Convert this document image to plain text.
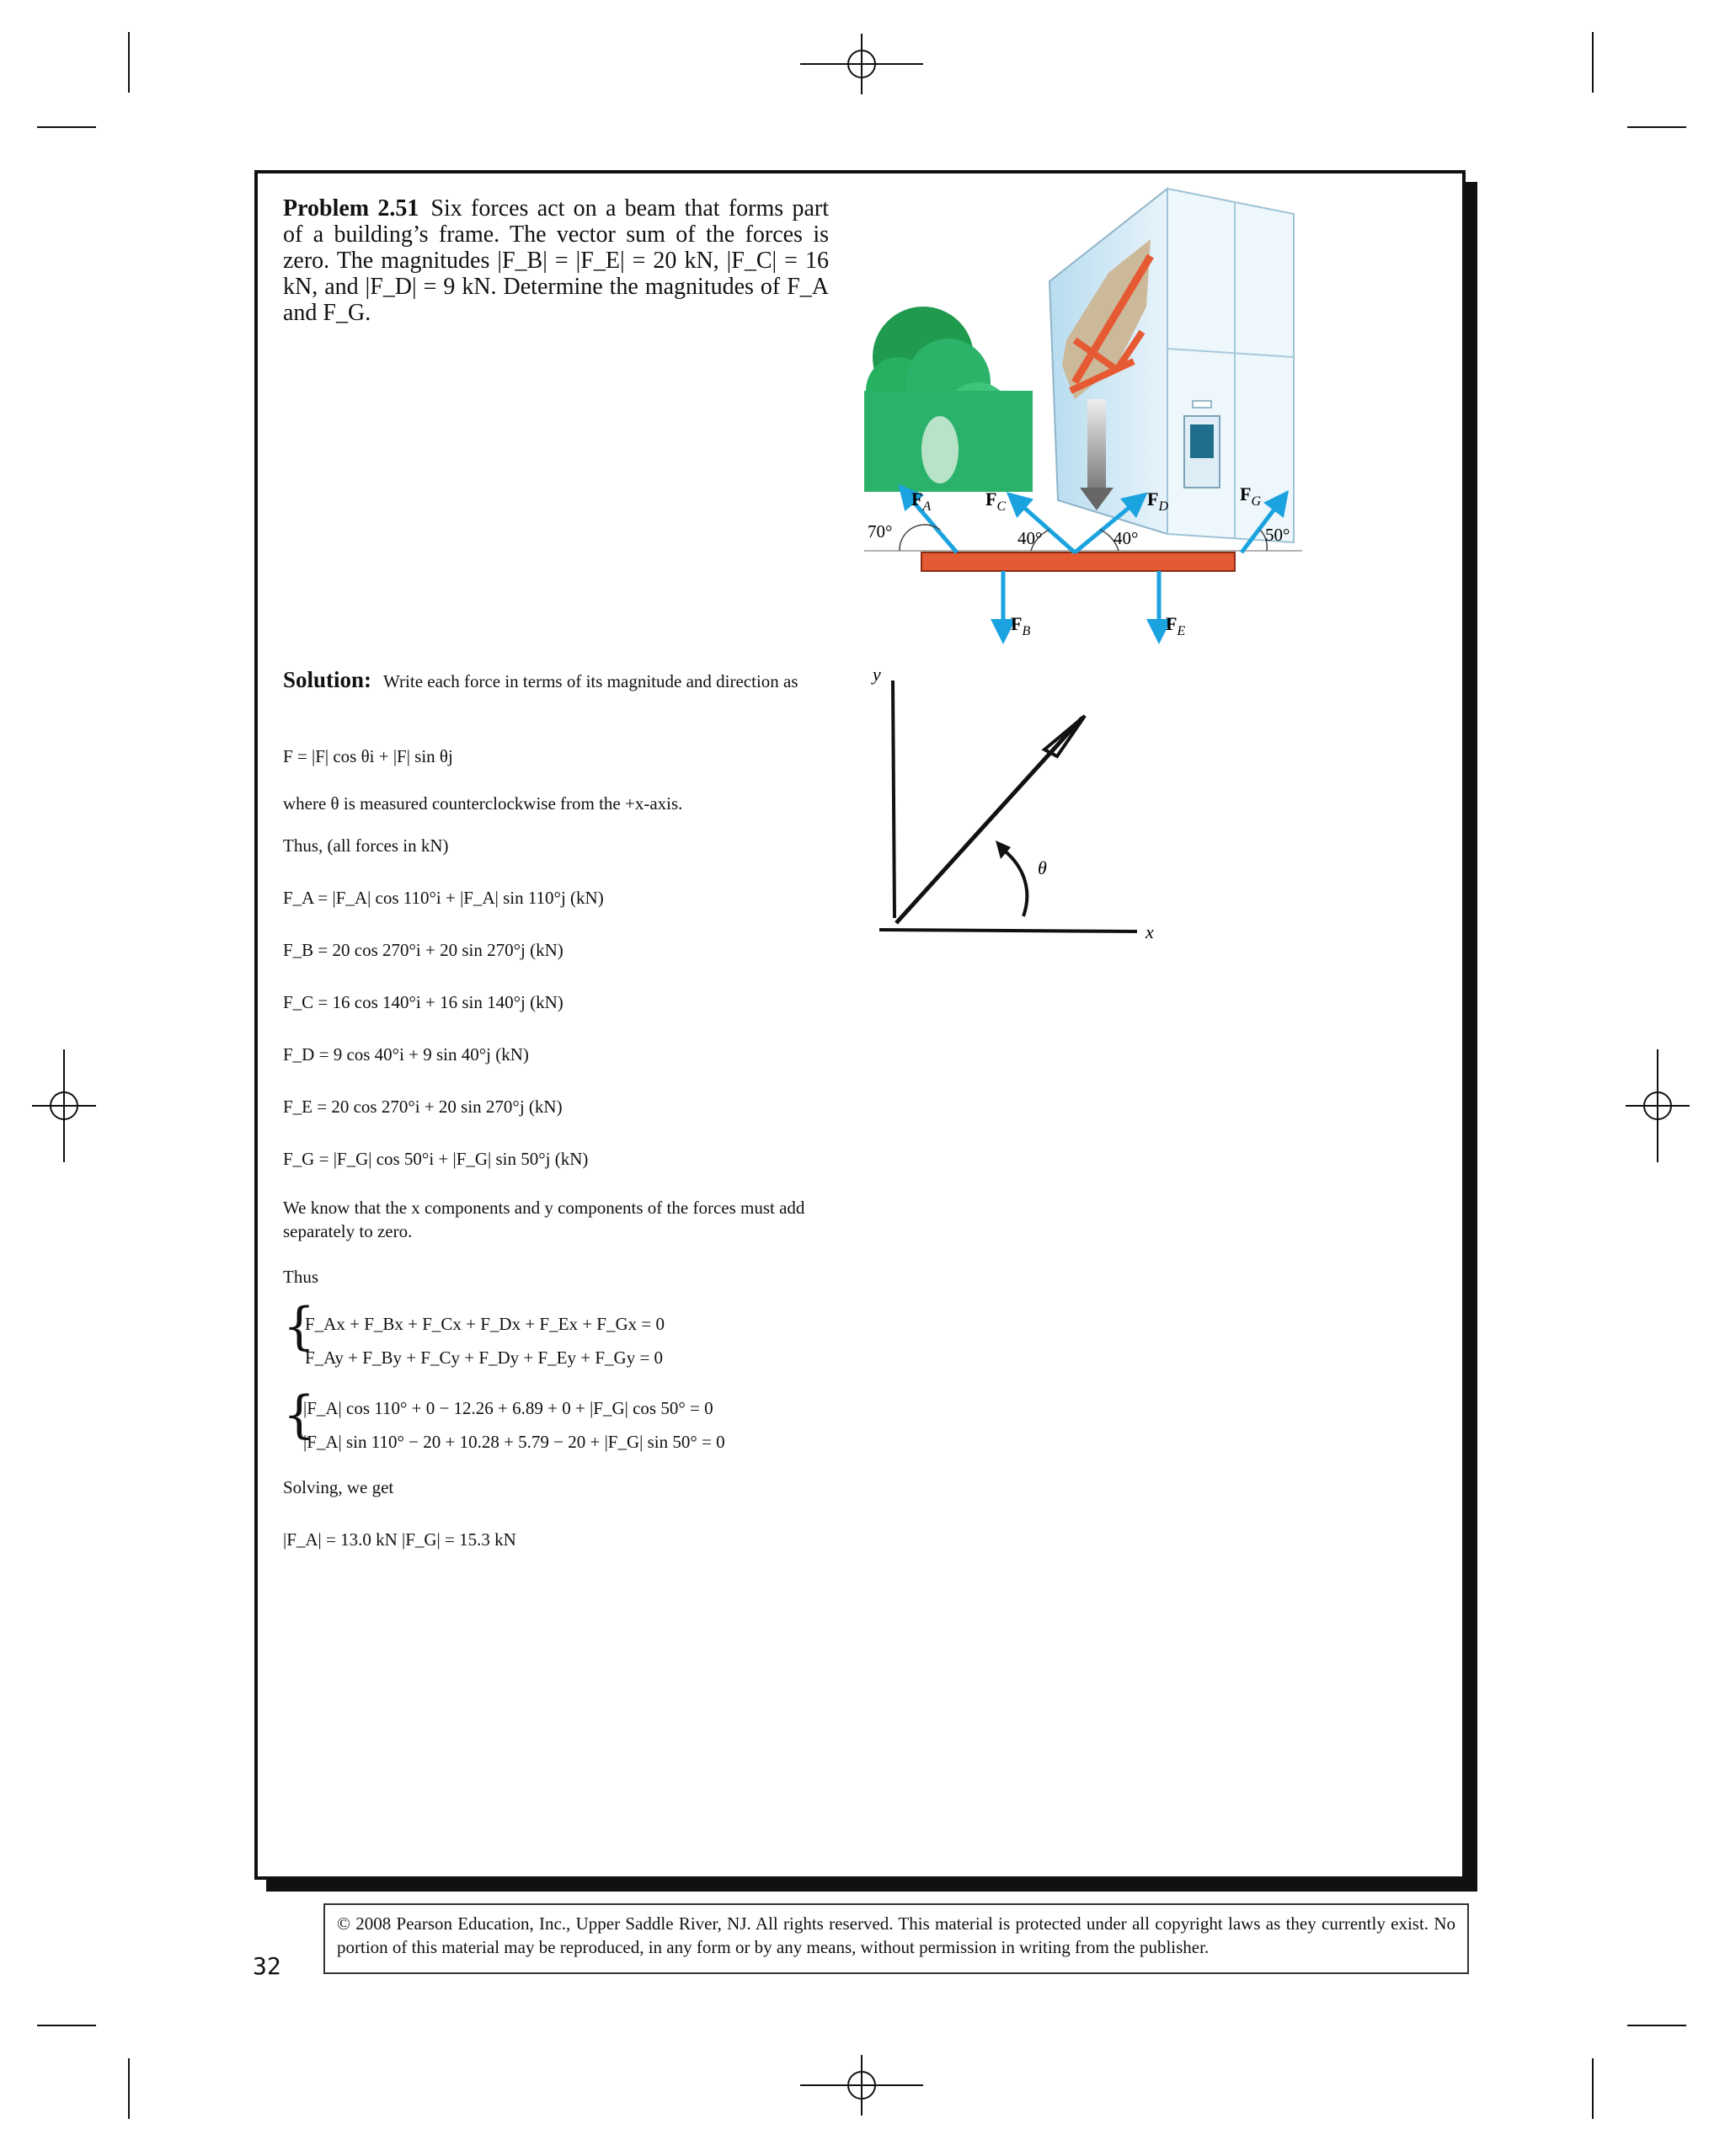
Problem 2.51 Six forces act on a beam that forms part of a building’s frame. The vector sum of the forces is zero. The magnitudes |F_B| = |F_E| = 20 kN, |F_C| = 16 kN, and |F_D| = 9 kN. Determine the magnitudes of F_A and F_G.
$F_A$	$F_C$	$F_D$
$F_G$
$F_B$	$F_E$
70°	40°	40°	50°
y
x
θ
Solution: Write each force in terms of its magnitude and direction as
F = |F| cos θi + |F| sin θj
where θ is measured counterclockwise from the +x-axis.
Thus, (all forces in kN)
F_A = |F_A| cos 110°i + |F_A| sin 110°j (kN)
F_B = 20 cos 270°i + 20 sin 270°j (kN)
F_C = 16 cos 140°i + 16 sin 140°j (kN)
F_D = 9 cos 40°i + 9 sin 40°j (kN)
F_E = 20 cos 270°i + 20 sin 270°j (kN)
F_G = |F_G| cos 50°i + |F_G| sin 50°j (kN)
We know that the x components and y components of the forces must add separately to zero.
Thus
{
F_Ax + F_Bx + F_Cx + F_Dx + F_Ex + F_Gx = 0
F_Ay + F_By + F_Cy + F_Dy + F_Ey + F_Gy = 0
{
|F_A| cos 110° + 0 − 12.26 + 6.89 + 0 + |F_G| cos 50° = 0
|F_A| sin 110° − 20 + 10.28 + 5.79 − 20 + |F_G| sin 50° = 0
Solving, we get
|F_A| = 13.0 kN |F_G| = 15.3 kN
© 2008 Pearson Education, Inc., Upper Saddle River, NJ. All rights reserved. This material is protected under all copyright laws as they currently exist. No portion of this material may be reproduced, in any form or by any means, without permission in writing from the publisher.
32
